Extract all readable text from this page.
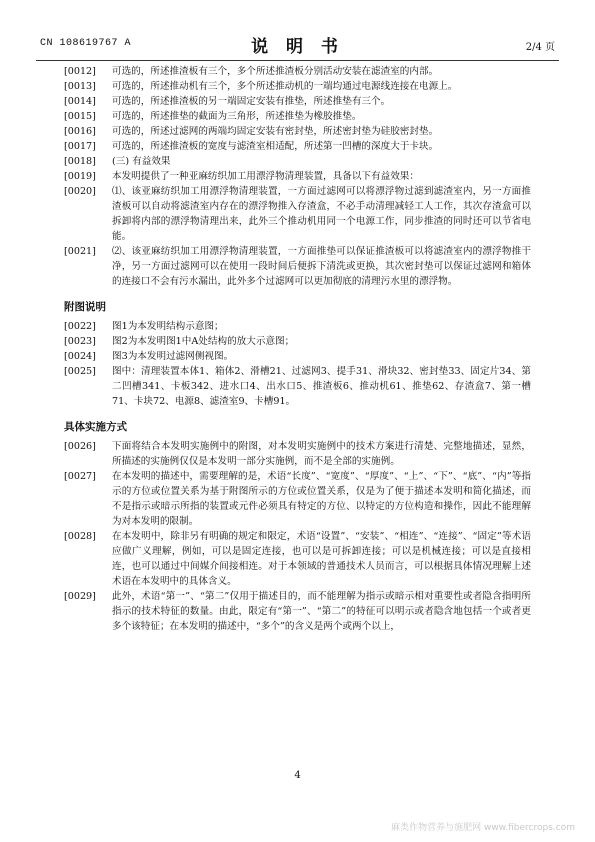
CN 108619767 A	说 明 书	2/4 页

[0012]	可选的，所述推渣板有三个，多个所述推渣板分别活动安装在滤渣室的内部。

[0013]	可选的，所述推动机有三个，多个所述推动机的一端均通过电源线连接在电源上。

[0014]	可选的，所述推渣板的另一端固定安装有推垫，所述推垫有三个。

[0015]	可选的，所述推垫的截面为三角形，所述推垫为橡胶推垫。

[0016]	可选的，所述过滤网的两端均固定安装有密封垫，所述密封垫为硅胶密封垫。

[0017]	可选的，所述推渣板的宽度与滤渣室相适配，所述第一凹槽的深度大于卡块。

[0018]	(三) 有益效果

[0019]	本发明提供了一种亚麻纺织加工用漂浮物清理装置，具备以下有益效果：

[0020]	⑴、该亚麻纺织加工用漂浮物清理装置，一方面过滤网可以将漂浮物过滤到滤渣室内，另一方面推渣板可以自动将滤渣室内存在的漂浮物推入存渣盒，不必手动清理减轻工人工作，其次存渣盒可以拆卸将内部的漂浮物清理出来，此外三个推动机用同一个电源工作，同步推渣的同时还可以节省电能。

[0021]	⑵、该亚麻纺织加工用漂浮物清理装置，一方面推垫可以保证推渣板可以将滤渣室内的漂浮物推干净，另一方面过滤网可以在使用一段时间后便拆下清洗或更换，其次密封垫可以保证过滤网和箱体的连接口不会有污水漏出，此外多个过滤网可以更加彻底的清理污水里的漂浮物。

附图说明

[0022]	图1为本发明结构示意图；

[0023]	图2为本发明图1中A处结构的放大示意图；

[0024]	图3为本发明过滤网侧视图。

[0025]	图中：清理装置本体1、箱体2、滑槽21、过滤网3、提手31、滑块32、密封垫33、固定片34、第二凹槽341、卡板342、进水口4、出水口5、推渣板6、推动机61、推垫62、存渣盒7、第一槽71、卡块72、电源8、滤渣室9、卡槽91。

具体实施方式

[0026]	下面将结合本发明实施例中的附图，对本发明实施例中的技术方案进行清楚、完整地描述，显然，所描述的实施例仅仅是本发明一部分实施例，而不是全部的实施例。

[0027]	在本发明的描述中，需要理解的是，术语“长度”、“宽度”、“厚度”、“上”、“下”、“底”、“内”等指示的方位或位置关系为基于附图所示的方位或位置关系，仅是为了便于描述本发明和简化描述，而不是指示或暗示所指的装置或元件必须具有特定的方位、以特定的方位构造和操作，因此不能理解为对本发明的限制。

[0028]	在本发明中，除非另有明确的规定和限定，术语“设置”、“安装”、“相连”、“连接”、“固定”等术语应做广义理解，例如，可以是固定连接，也可以是可拆卸连接；可以是机械连接；可以是直接相连，也可以通过中间媒介间接相连。对于本领域的普通技术人员而言，可以根据具体情况理解上述术语在本发明中的具体含义。

[0029]	此外，术语“第一”、“第二”仅用于描述目的，而不能理解为指示或暗示相对重要性或者隐含指明所指示的技术特征的数量。由此，限定有“第一”、“第二”的特征可以明示或者隐含地包括一个或者更多个该特征；在本发明的描述中，“多个”的含义是两个或两个以上，

4
麻类作物营养与施肥网 www.fibercrops.com
